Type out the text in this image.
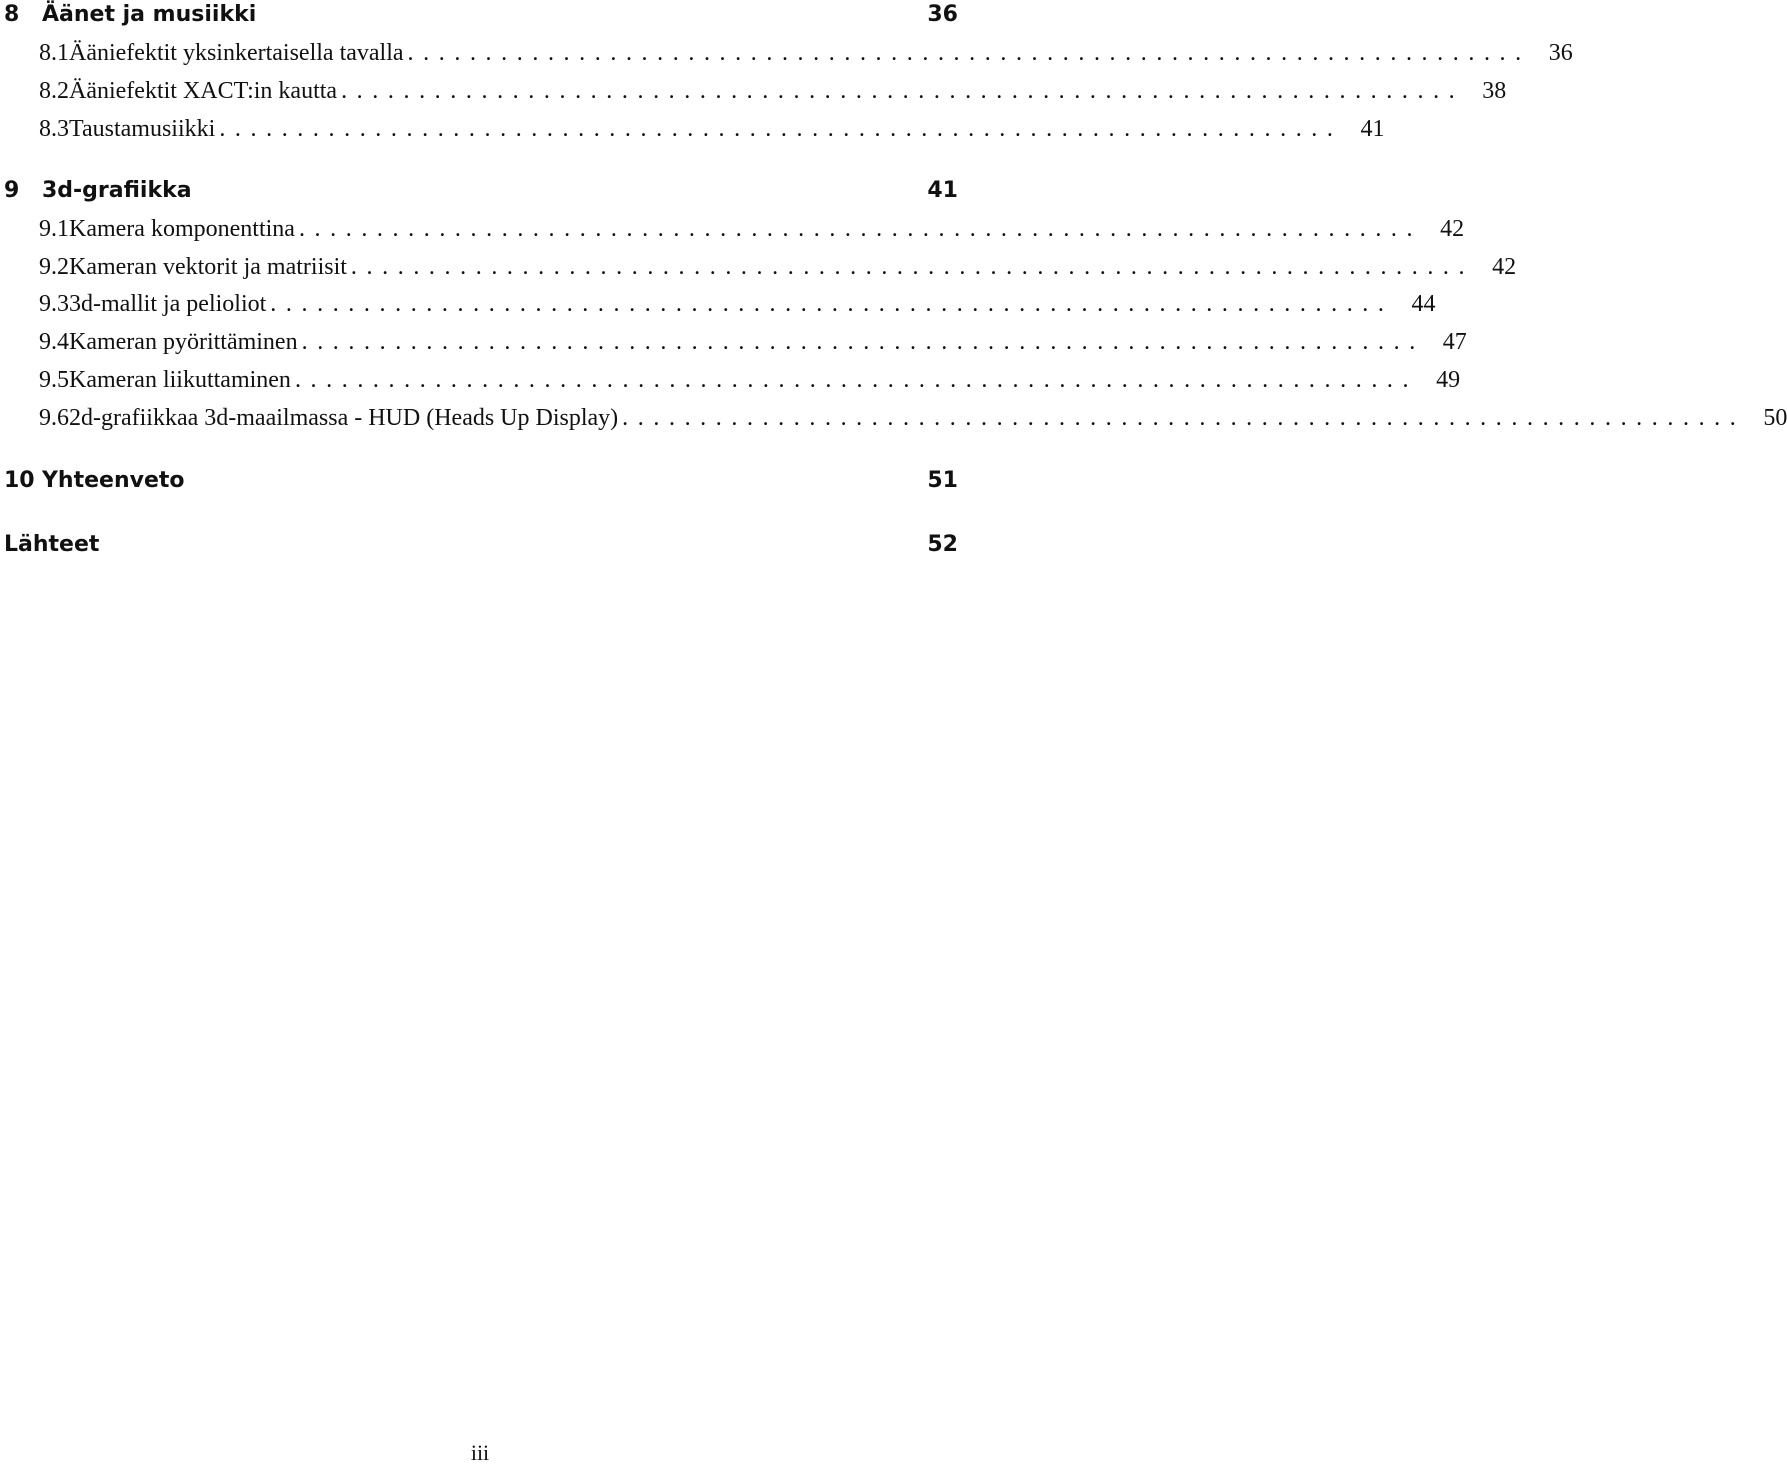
8	Äänet ja musiikki	36
8.1 Ääniefektit yksinkertaisella tavalla ........................................................................ 36
8.2 Ääniefektit XACT:in kautta ........................................................................ 38
8.3 Taustamusiikki ........................................................................ 41
9	3d-grafiikka	41
9.1 Kamera komponenttina ........................................................................ 42
9.2 Kameran vektorit ja matriisit ........................................................................ 42
9.3 3d-mallit ja pelioliot ........................................................................ 44
9.4 Kameran pyörittäminen ........................................................................ 47
9.5 Kameran liikuttaminen ........................................................................ 49
9.6 2d-grafiikkaa 3d-maailmassa - HUD (Heads Up Display) ........................................................................ 50
10 Yhteenveto	51
Lähteet	52
iii
